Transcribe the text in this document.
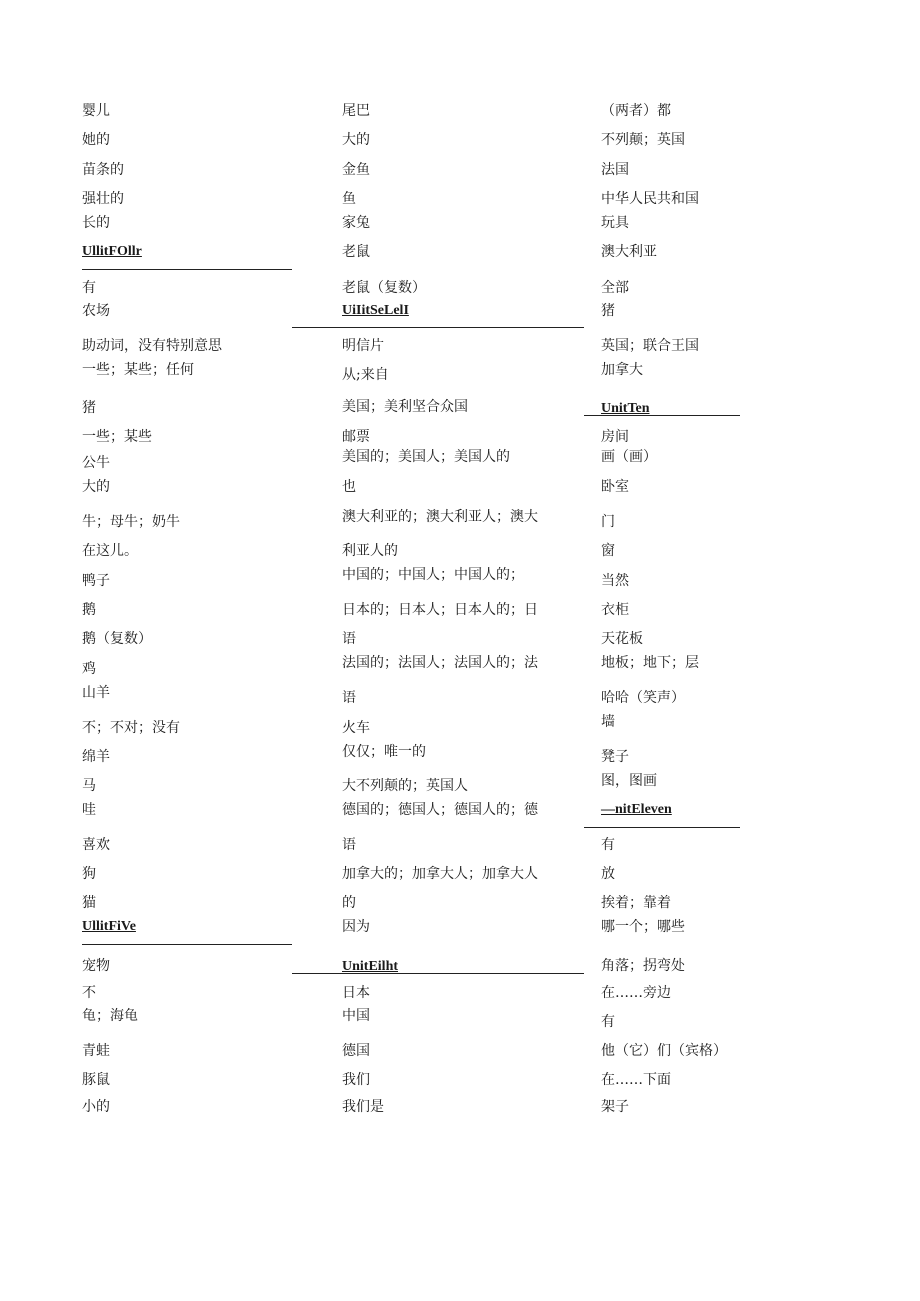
婴儿
她的
苗条的
强壮的
长的
有
农场
助动词，没有特别意思
一些；某些；任何
猪
一些；某些
公牛
大的
牛；母牛；奶牛
在这儿。
鸭子
鹅
鹅（复数）
鸡
山羊
不；不对；没有
绵羊
马
哇
喜欢
狗
猫
宠物
不
龟；海龟
青蛙
豚鼠
小的
UllitFOllr
UllitFiVe
尾巴
大的
金鱼
鱼
家兔
老鼠
老鼠（复数）
明信片
从;来自
美国；美利坚合众国
邮票
美国的；美国人；美国人的
也
澳大利亚的；澳大利亚人；澳大
利亚人的
中国的；中国人；中国人的；
日本的；日本人；日本人的；日
语
法国的；法国人；法国人的；法
语
火车
仅仅；唯一的
大不列颠的；英国人
德国的；德国人；德国人的；德
语
加拿大的；加拿大人；加拿大人
的
因为
日本
中国
德国
我们
我们是
UiIitSeLelI
UnitEilht
（两者）都
不列颠；英国
法国
中华人民共和国
玩具
澳大利亚
全部
猪
英国；联合王国
加拿大
房间
画（画）
卧室
门
窗
当然
衣柜
天花板
地板；地下；层
哈哈（笑声）
墙
凳子
图，图画
有
放
挨着；靠着
哪一个；哪些
角落；拐弯处
在……旁边
有
他（它）们（宾格）
在……下面
架子
UnitTen
—nitEleven
